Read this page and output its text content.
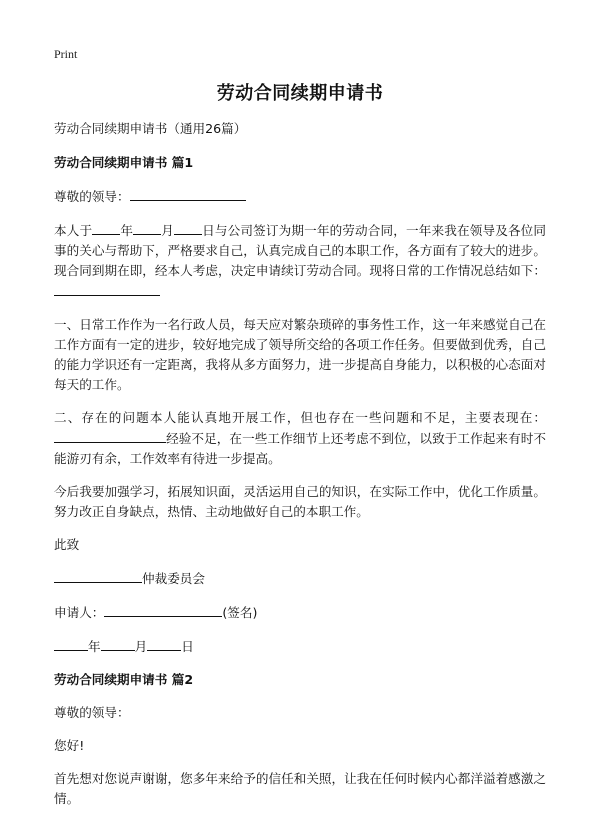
Print
劳动合同续期申请书
劳动合同续期申请书（通用26篇）
劳动合同续期申请书 篇1

尊敬的领导：

本人于 年 月 日与公司签订为期一年的劳动合同，一年来我在领导及各位同事的关心与帮助下，严格要求自己，认真完成自己的本职工作，各方面有了较大的进步。现合同到期在即，经本人考虑，决定申请续订劳动合同。现将日常的工作情况总结如下：

一、日常工作作为一名行政人员，每天应对繁杂琐碎的事务性工作，这一年来感觉自己在工作方面有一定的进步，较好地完成了领导所交给的各项工作任务。但要做到优秀，自己的能力学识还有一定距离，我将从多方面努力，进一步提高自身能力，以积极的心态面对每天的工作。

二、存在的问题本人能认真地开展工作，但也存在一些问题和不足，主要表现在：经验不足，在一些工作细节上还考虑不到位，以致于工作起来有时不能游刃有余，工作效率有待进一步提高。

今后我要加强学习，拓展知识面，灵活运用自己的知识，在实际工作中，优化工作质量。努力改正自身缺点，热情、主动地做好自己的本职工作。

此致

仲裁委员会

申请人：	(签名)

年	月	日

劳动合同续期申请书 篇2

尊敬的领导：

您好!

首先想对您说声谢谢，您多年来给予的信任和关照，让我在任何时候内心都洋溢着感激之情。
